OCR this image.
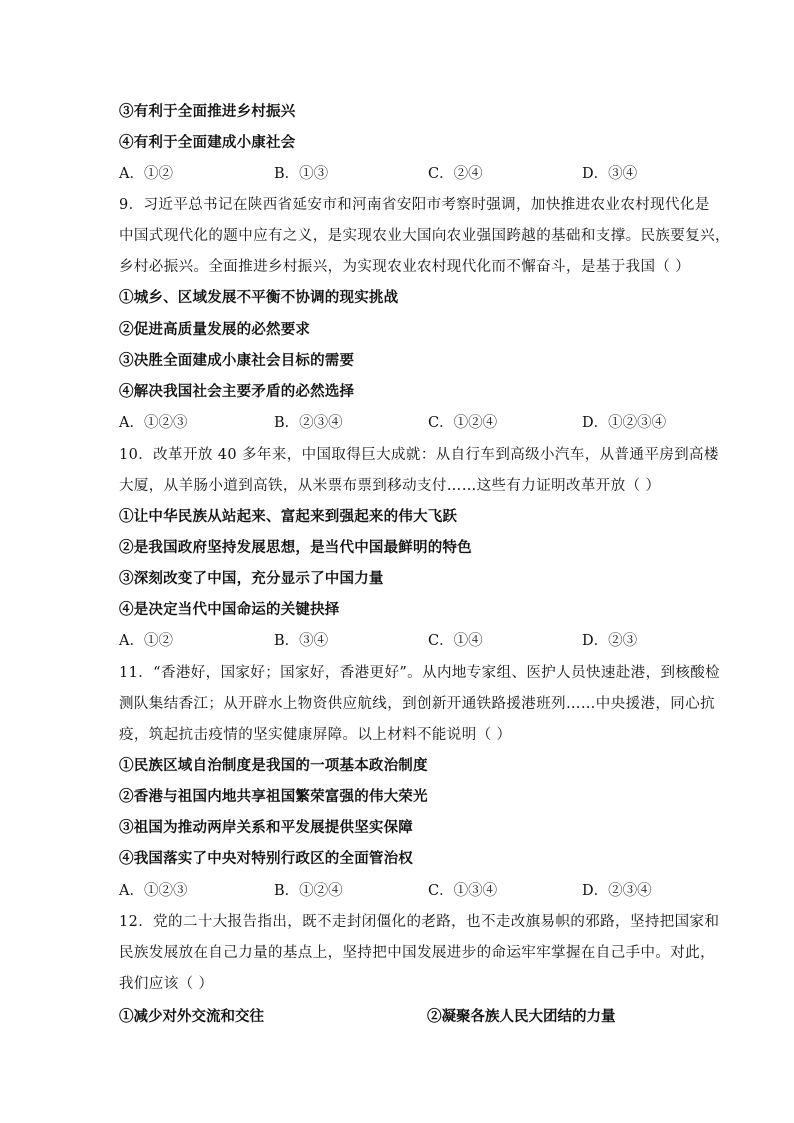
③有利于全面推进乡村振兴
④有利于全面建成小康社会
A．①②	B．①③	C．②④	D．③④
9．习近平总书记在陕西省延安市和河南省安阳市考察时强调，加快推进农业农村现代化是
中国式现代化的题中应有之义，是实现农业大国向农业强国跨越的基础和支撑。民族要复兴，
乡村必振兴。全面推进乡村振兴，为实现农业农村现代化而不懈奋斗，是基于我国（ ）
①城乡、区域发展不平衡不协调的现实挑战
②促进高质量发展的必然要求
③决胜全面建成小康社会目标的需要
④解决我国社会主要矛盾的必然选择
A．①②③	B．②③④	C．①②④	D．①②③④
10．改革开放 40 多年来，中国取得巨大成就：从自行车到高级小汽车，从普通平房到高楼
大厦，从羊肠小道到高铁，从米票布票到移动支付……这些有力证明改革开放（ ）
①让中华民族从站起来、富起来到强起来的伟大飞跃
②是我国政府坚持发展思想，是当代中国最鲜明的特色
③深刻改变了中国，充分显示了中国力量
④是决定当代中国命运的关键抉择
A．①②	B．③④	C．①④	D．②③
11．“香港好，国家好；国家好，香港更好”。从内地专家组、医护人员快速赴港，到核酸检
测队集结香江；从开辟水上物资供应航线，到创新开通铁路援港班列……中央援港，同心抗
疫，筑起抗击疫情的坚实健康屏障。以上材料不能说明（ ）
①民族区域自治制度是我国的一项基本政治制度
②香港与祖国内地共享祖国繁荣富强的伟大荣光
③祖国为推动两岸关系和平发展提供坚实保障
④我国落实了中央对特别行政区的全面管治权
A．①②③	B．①②④	C．①③④	D．②③④
12．党的二十大报告指出，既不走封闭僵化的老路，也不走改旗易帜的邪路，坚持把国家和
民族发展放在自己力量的基点上，坚持把中国发展进步的命运牢牢掌握在自己手中。对此，
我们应该（ ）
①减少对外交流和交往	②凝聚各族人民大团结的力量
